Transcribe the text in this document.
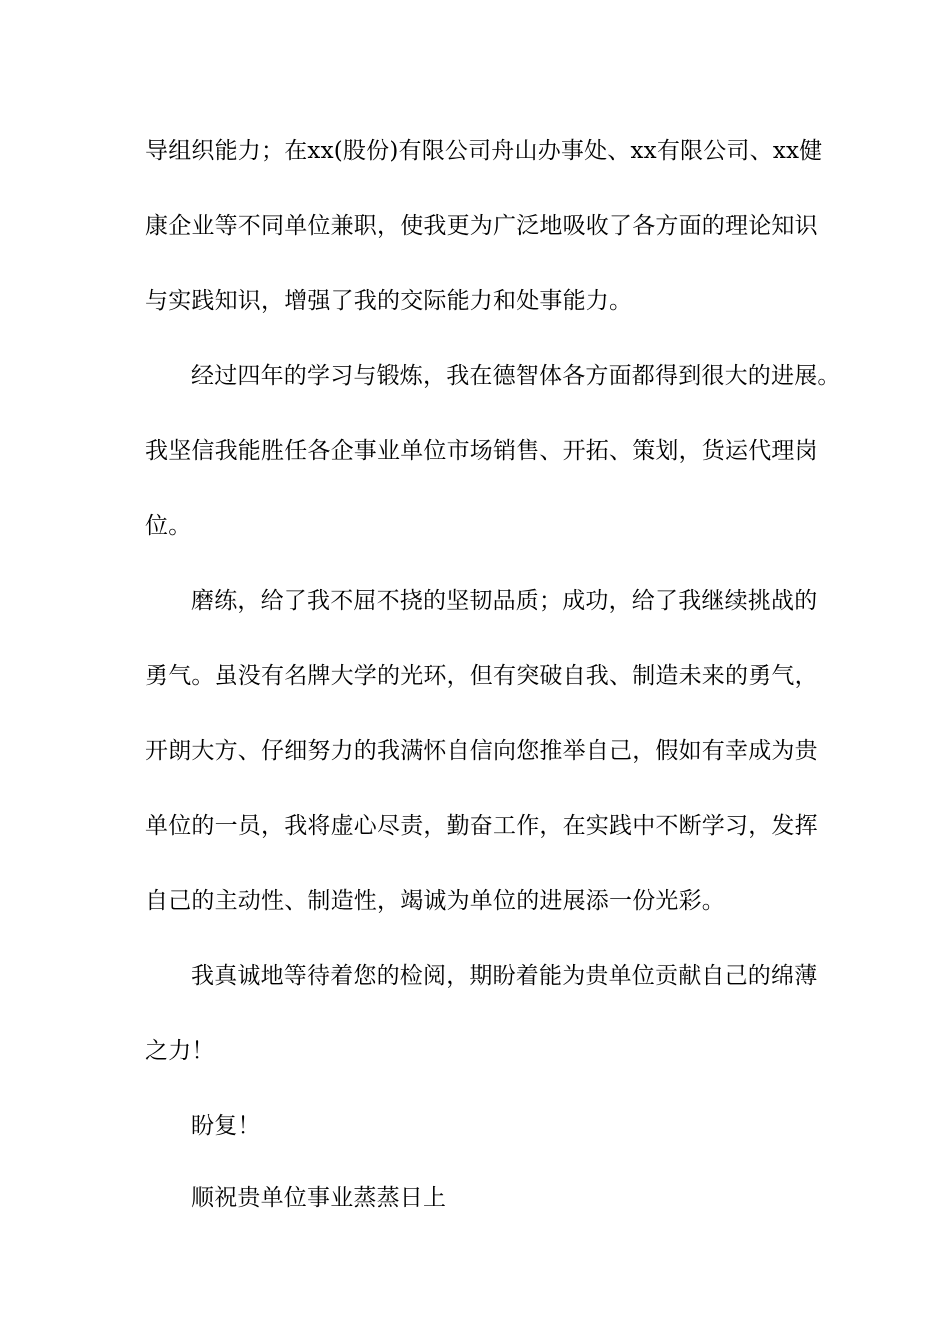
导组织能力；在xx(股份)有限公司舟山办事处、xx有限公司、xx健
康企业等不同单位兼职，使我更为广泛地吸收了各方面的理论知识
与实践知识，增强了我的交际能力和处事能力。
经过四年的学习与锻炼，我在德智体各方面都得到很大的进展。
我坚信我能胜任各企事业单位市场销售、开拓、策划，货运代理岗
位。
磨练，给了我不屈不挠的坚韧品质；成功，给了我继续挑战的
勇气。虽没有名牌大学的光环，但有突破自我、制造未来的勇气，
开朗大方、仔细努力的我满怀自信向您推举自己，假如有幸成为贵
单位的一员，我将虚心尽责，勤奋工作，在实践中不断学习，发挥
自己的主动性、制造性，竭诚为单位的进展添一份光彩。
我真诚地等待着您的检阅，期盼着能为贵单位贡献自己的绵薄
之力！
盼复！
顺祝贵单位事业蒸蒸日上
